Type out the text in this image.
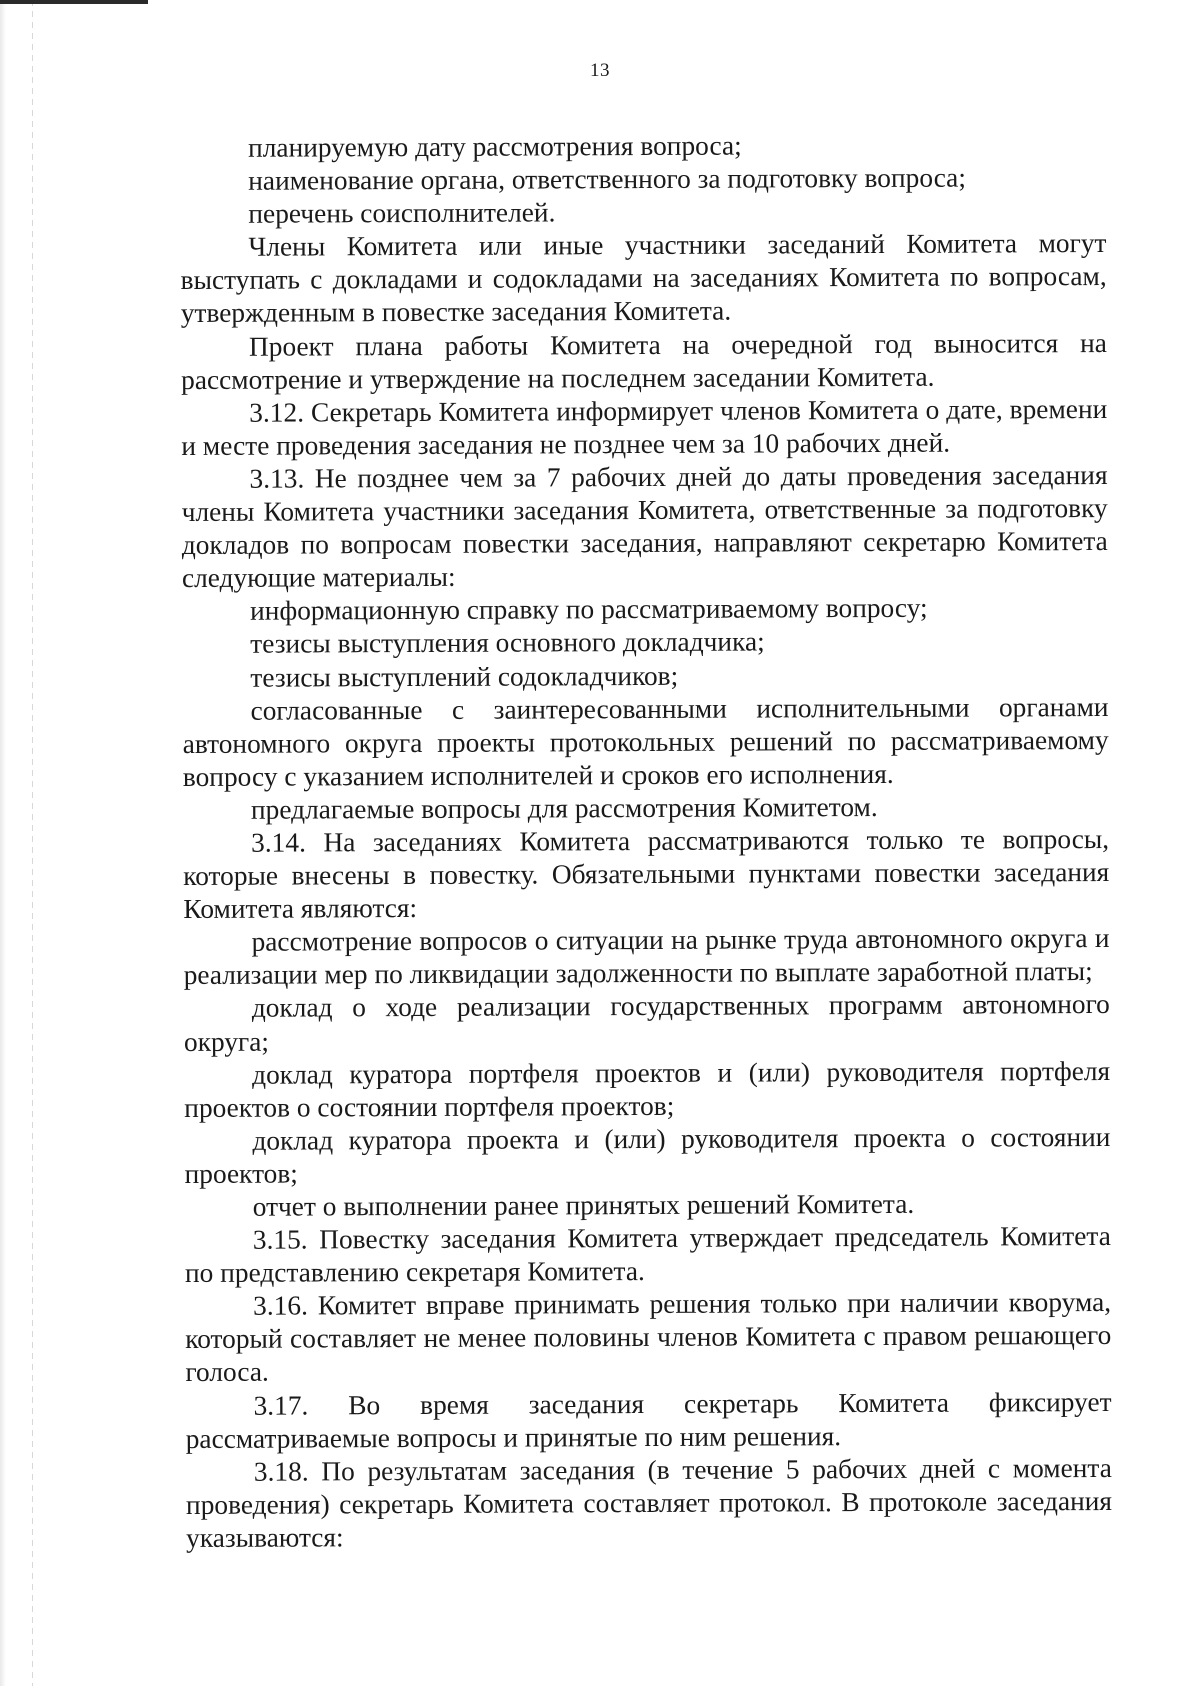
13

планируемую дату рассмотрения вопроса;

наименование органа, ответственного за подготовку вопроса;

перечень соисполнителей.

Члены Комитета или иные участники заседаний Комитета могут выступать с докладами и содокладами на заседаниях Комитета по вопросам, утвержденным в повестке заседания Комитета.

Проект плана работы Комитета на очередной год выносится на рассмотрение и утверждение на последнем заседании Комитета.

3.12. Секретарь Комитета информирует членов Комитета о дате, времени и месте проведения заседания не позднее чем за 10 рабочих дней.

3.13. Не позднее чем за 7 рабочих дней до даты проведения заседания члены Комитета участники заседания Комитета, ответственные за подготовку докладов по вопросам повестки заседания, направляют секретарю Комитета следующие материалы:

информационную справку по рассматриваемому вопросу;

тезисы выступления основного докладчика;

тезисы выступлений содокладчиков;

согласованные с заинтересованными исполнительными органами автономного округа проекты протокольных решений по рассматриваемому вопросу с указанием исполнителей и сроков его исполнения.

предлагаемые вопросы для рассмотрения Комитетом.

3.14. На заседаниях Комитета рассматриваются только те вопросы, которые внесены в повестку. Обязательными пунктами повестки заседания Комитета являются:

рассмотрение вопросов о ситуации на рынке труда автономного округа и реализации мер по ликвидации задолженности по выплате заработной платы;

доклад о ходе реализации государственных программ автономного округа;

доклад куратора портфеля проектов и (или) руководителя портфеля проектов о состоянии портфеля проектов;

доклад куратора проекта и (или) руководителя проекта о состоянии проектов;

отчет о выполнении ранее принятых решений Комитета.

3.15. Повестку заседания Комитета утверждает председатель Комитета по представлению секретаря Комитета.

3.16. Комитет вправе принимать решения только при наличии кворума, который составляет не менее половины членов Комитета с правом решающего голоса.

3.17. Во время заседания секретарь Комитета фиксирует рассматриваемые вопросы и принятые по ним решения.

3.18. По результатам заседания (в течение 5 рабочих дней с момента проведения) секретарь Комитета составляет протокол. В протоколе заседания указываются:
